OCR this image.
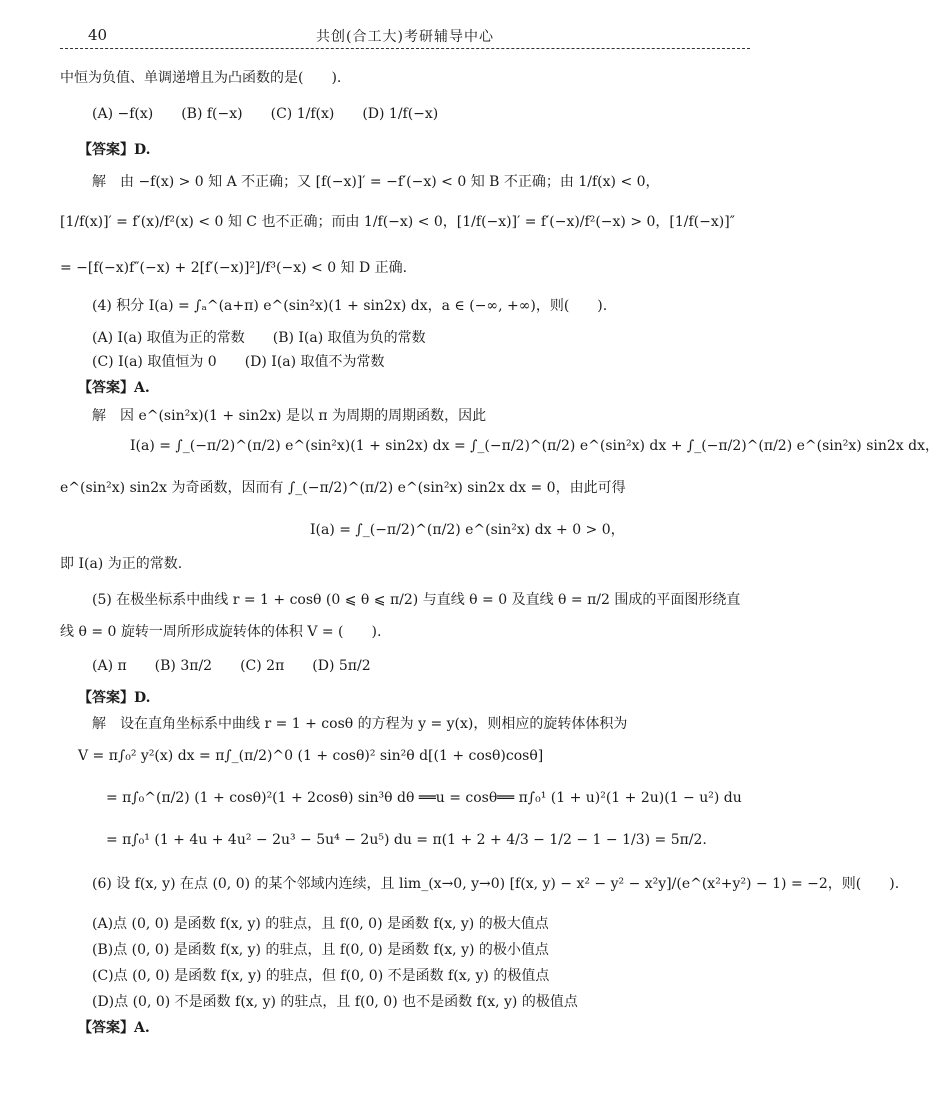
40	共创(合工大)考研辅导中心
中恒为负值、单调递增且为凸函数的是(　　).
(A) −f(x)　　(B) f(−x)　　(C) 1/f(x)　　(D) 1/f(−x)
【答案】D.
解　由 −f(x) > 0 知 A 不正确；又 [f(−x)]′ = −f′(−x) < 0 知 B 不正确；由 1/f(x) < 0，
[1/f(x)]′ = f′(x)/f²(x) < 0 知 C 也不正确；而由 1/f(−x) < 0，[1/f(−x)]′ = f′(−x)/f²(−x) > 0，[1/f(−x)]″
= −[f(−x)f″(−x) + 2[f′(−x)]²]/f³(−x) < 0 知 D 正确.
(4) 积分 I(a) = ∫ₐ^(a+π) e^(sin²x)(1 + sin2x) dx，a ∈ (−∞, +∞)，则(　　).
(A) I(a) 取值为正的常数　　(B) I(a) 取值为负的常数
(C) I(a) 取值恒为 0　　(D) I(a) 取值不为常数
【答案】A.
解　因 e^(sin²x)(1 + sin2x) 是以 π 为周期的周期函数，因此
I(a) = ∫_(−π/2)^(π/2) e^(sin²x)(1 + sin2x) dx = ∫_(−π/2)^(π/2) e^(sin²x) dx + ∫_(−π/2)^(π/2) e^(sin²x) sin2x dx，
e^(sin²x) sin2x 为奇函数，因而有 ∫_(−π/2)^(π/2) e^(sin²x) sin2x dx = 0，由此可得
I(a) = ∫_(−π/2)^(π/2) e^(sin²x) dx + 0 > 0，
即 I(a) 为正的常数.
(5) 在极坐标系中曲线 r = 1 + cosθ (0 ⩽ θ ⩽ π/2) 与直线 θ = 0 及直线 θ = π/2 围成的平面图形绕直
线 θ = 0 旋转一周所形成旋转体的体积 V = (　　).
(A) π　　(B) 3π/2　　(C) 2π　　(D) 5π/2
【答案】D.
解　设在直角坐标系中曲线 r = 1 + cosθ 的方程为 y = y(x)，则相应的旋转体体积为
V = π∫₀² y²(x) dx = π∫_(π/2)^0 (1 + cosθ)² sin²θ d[(1 + cosθ)cosθ]
= π∫₀^(π/2) (1 + cosθ)²(1 + 2cosθ) sin³θ dθ ══u = cosθ══ π∫₀¹ (1 + u)²(1 + 2u)(1 − u²) du
= π∫₀¹ (1 + 4u + 4u² − 2u³ − 5u⁴ − 2u⁵) du = π(1 + 2 + 4/3 − 1/2 − 1 − 1/3) = 5π/2.
(6) 设 f(x, y) 在点 (0, 0) 的某个邻域内连续，且 lim_(x→0, y→0) [f(x, y) − x² − y² − x²y]/(e^(x²+y²) − 1) = −2，则(　　).
(A)点 (0, 0) 是函数 f(x, y) 的驻点，且 f(0, 0) 是函数 f(x, y) 的极大值点
(B)点 (0, 0) 是函数 f(x, y) 的驻点，且 f(0, 0) 是函数 f(x, y) 的极小值点
(C)点 (0, 0) 是函数 f(x, y) 的驻点，但 f(0, 0) 不是函数 f(x, y) 的极值点
(D)点 (0, 0) 不是函数 f(x, y) 的驻点，且 f(0, 0) 也不是函数 f(x, y) 的极值点
【答案】A.
